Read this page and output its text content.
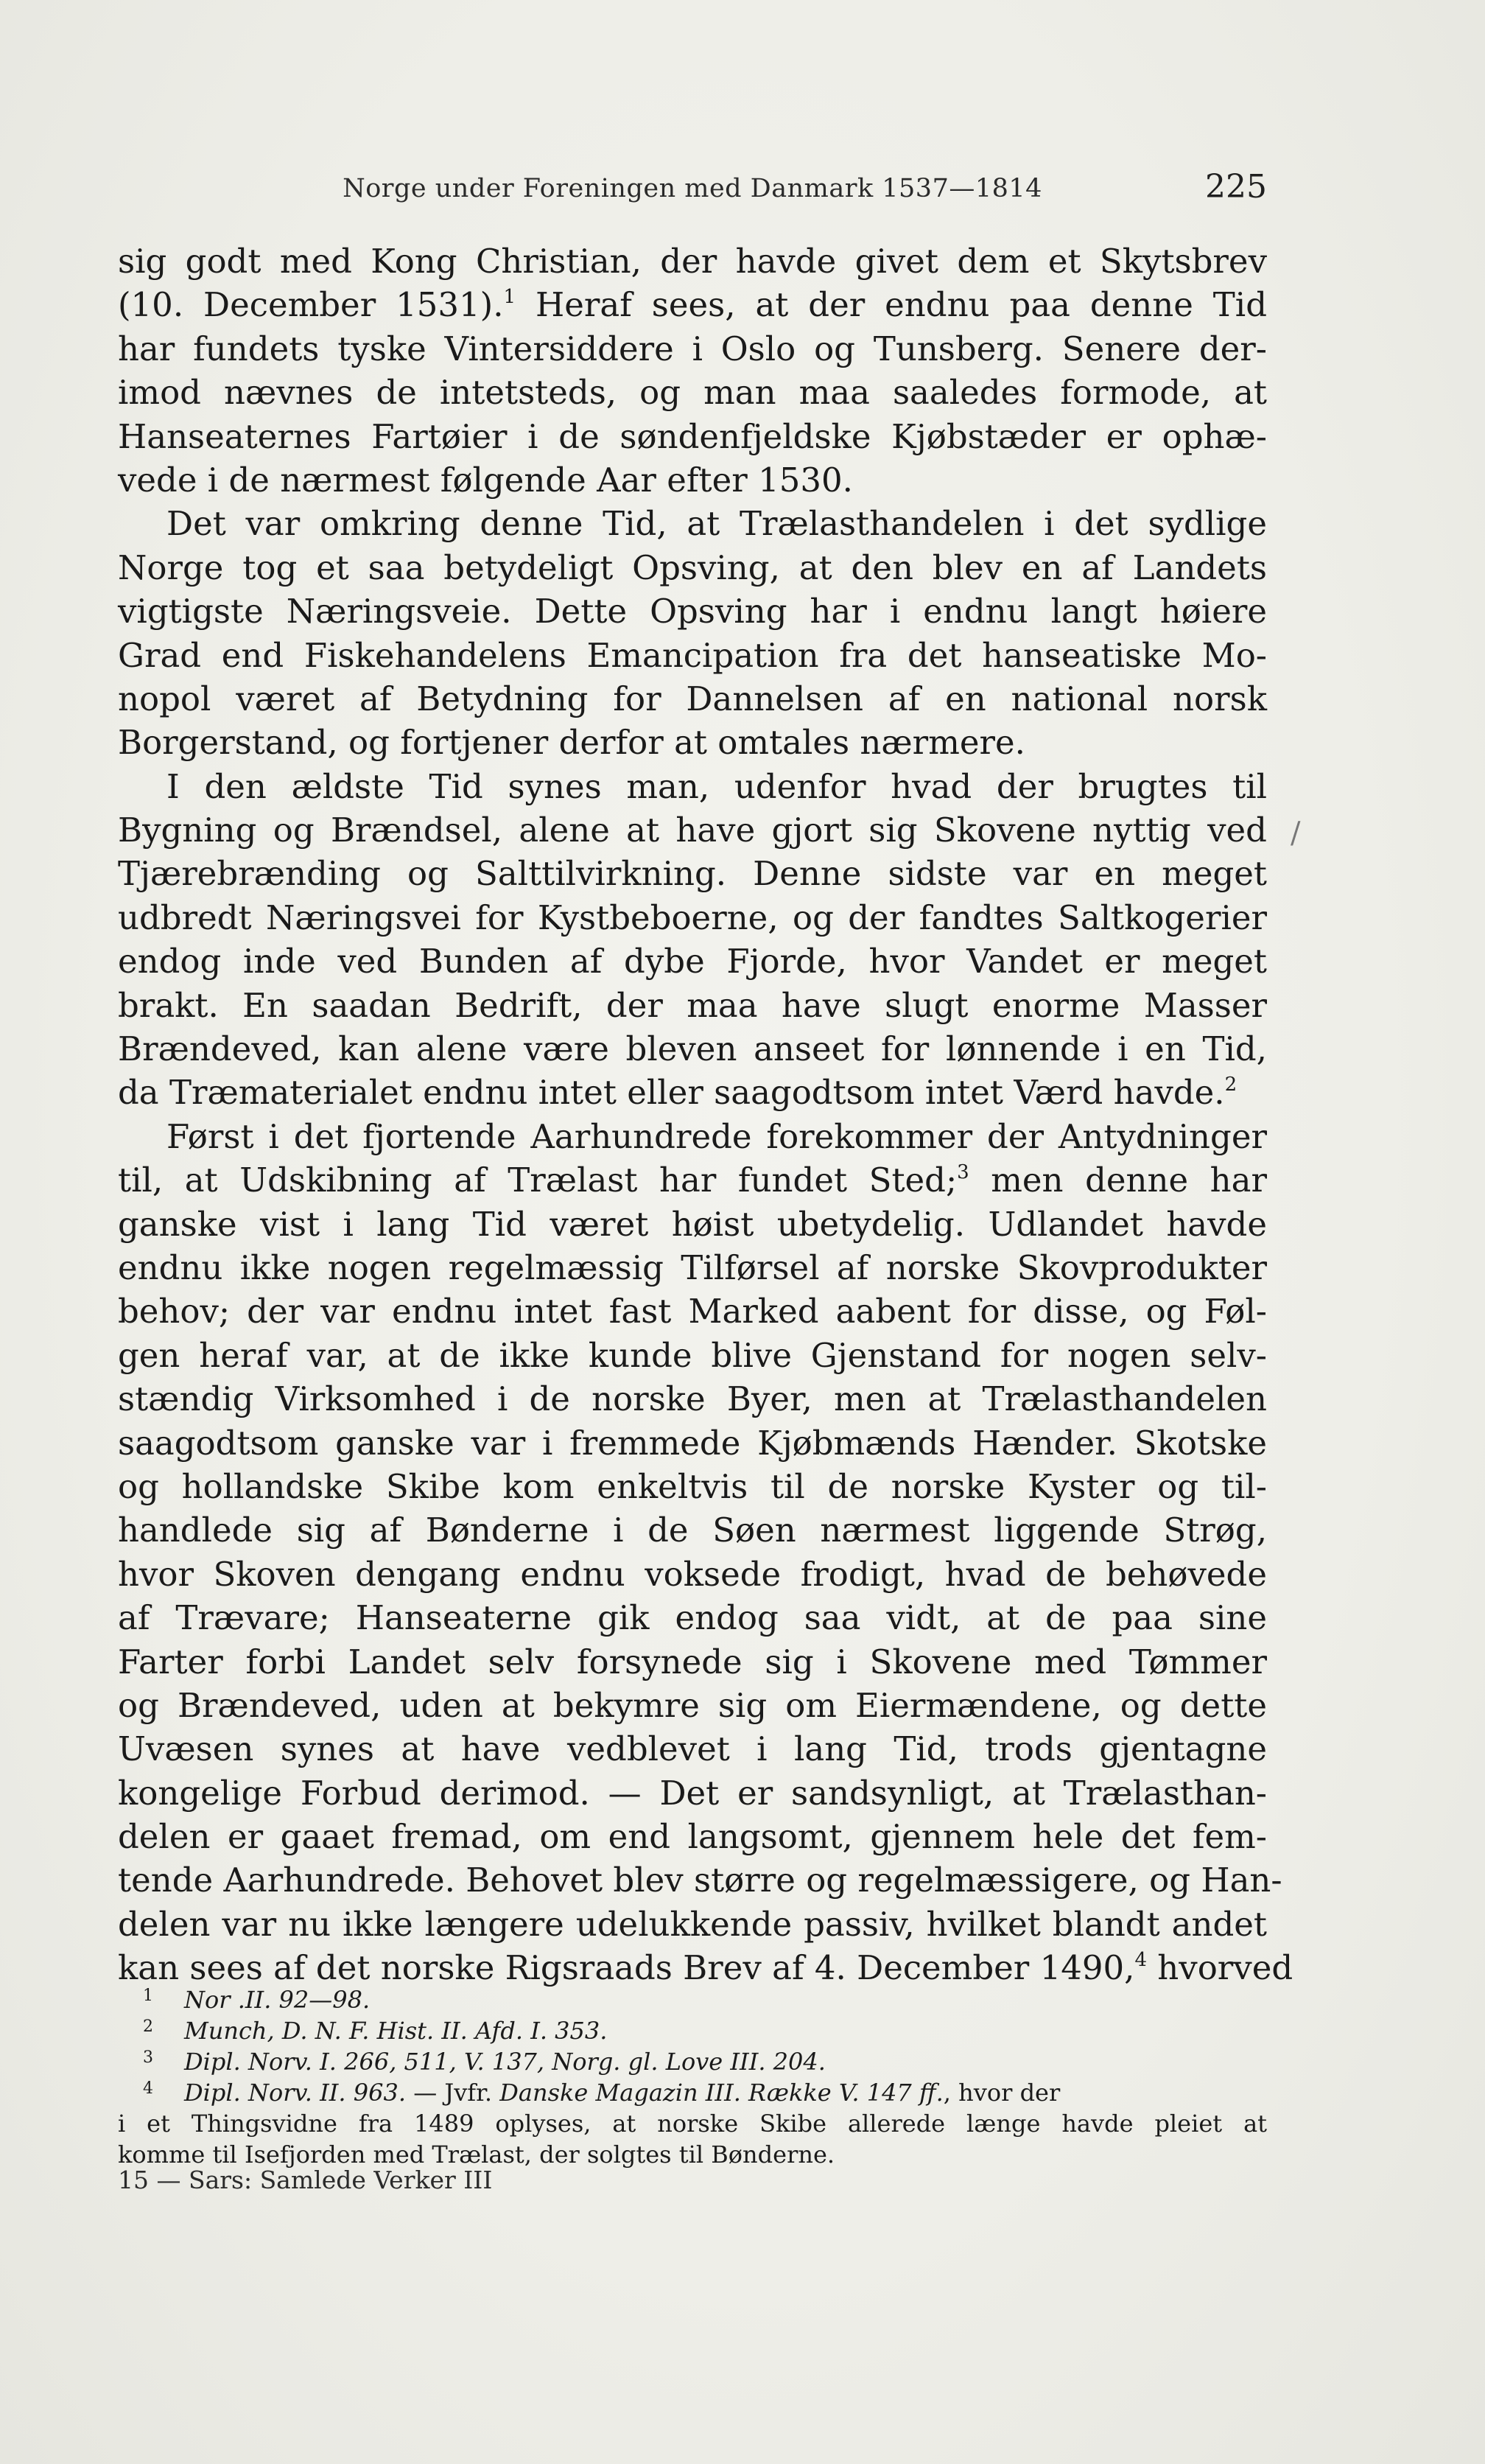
Norge under Foreningen med Danmark 1537—1814	225
sig godt med Kong Christian, der havde givet dem et Skytsbrev
(10. December 1531).$^1$ Heraf sees, at der endnu paa denne Tid
har fundets tyske Vintersiddere i Oslo og Tunsberg. Senere der-
imod nævnes de intetsteds, og man maa saaledes formode, at
Hanseaternes Fartøier i de søndenfjeldske Kjøbstæder er ophæ-
vede i de nærmest følgende Aar efter 1530.
Det var omkring denne Tid, at Trælasthandelen i det sydlige
Norge tog et saa betydeligt Opsving, at den blev en af Landets
vigtigste Næringsveie. Dette Opsving har i endnu langt høiere
Grad end Fiskehandelens Emancipation fra det hanseatiske Mo-
nopol været af Betydning for Dannelsen af en national norsk
Borgerstand, og fortjener derfor at omtales nærmere.
I den ældste Tid synes man, udenfor hvad der brugtes til
Bygning og Brændsel, alene at have gjort sig Skovene nyttig ved
Tjærebrænding og Salttilvirkning. Denne sidste var en meget
udbredt Næringsvei for Kystbeboerne, og der fandtes Saltkogerier
endog inde ved Bunden af dybe Fjorde, hvor Vandet er meget
brakt. En saadan Bedrift, der maa have slugt enorme Masser
Brændeved, kan alene være bleven anseet for lønnende i en Tid,
da Træmaterialet endnu intet eller saagodtsom intet Værd havde.$^2$
Først i det fjortende Aarhundrede forekommer der Antydninger
til, at Udskibning af Trælast har fundet Sted;$^3$ men denne har
ganske vist i lang Tid været høist ubetydelig. Udlandet havde
endnu ikke nogen regelmæssig Tilførsel af norske Skovprodukter
behov; der var endnu intet fast Marked aabent for disse, og Føl-
gen heraf var, at de ikke kunde blive Gjenstand for nogen selv-
stændig Virksomhed i de norske Byer, men at Trælasthandelen
saagodtsom ganske var i fremmede Kjøbmænds Hænder. Skotske
og hollandske Skibe kom enkeltvis til de norske Kyster og til-
handlede sig af Bønderne i de Søen nærmest liggende Strøg,
hvor Skoven dengang endnu voksede frodigt, hvad de behøvede
af Trævare; Hanseaterne gik endog saa vidt, at de paa sine
Farter forbi Landet selv forsynede sig i Skovene med Tømmer
og Brændeved, uden at bekymre sig om Eiermændene, og dette
Uvæsen synes at have vedblevet i lang Tid, trods gjentagne
kongelige Forbud derimod. — Det er sandsynligt, at Trælasthan-
delen er gaaet fremad, om end langsomt, gjennem hele det fem-
tende Aarhundrede. Behovet blev større og regelmæssigere, og Han-
delen var nu ikke længere udelukkende passiv, hvilket blandt andet
kan sees af det norske Rigsraads Brev af 4. December 1490,$^4$ hvorved
1 Nor .II. 92—98.
2 Munch, D. N. F. Hist. II. Afd. I. 353.
3 Dipl. Norv. I. 266, 511, V. 137, Norg. gl. Love III. 204.
4 Dipl. Norv. II. 963. — Jvfr. Danske Magazin III. Række V. 147 ff., hvor der
i et Thingsvidne fra 1489 oplyses, at norske Skibe allerede længe havde pleiet at
komme til Isefjorden med Trælast, der solgtes til Bønderne.
15 — Sars: Samlede Verker III
/
